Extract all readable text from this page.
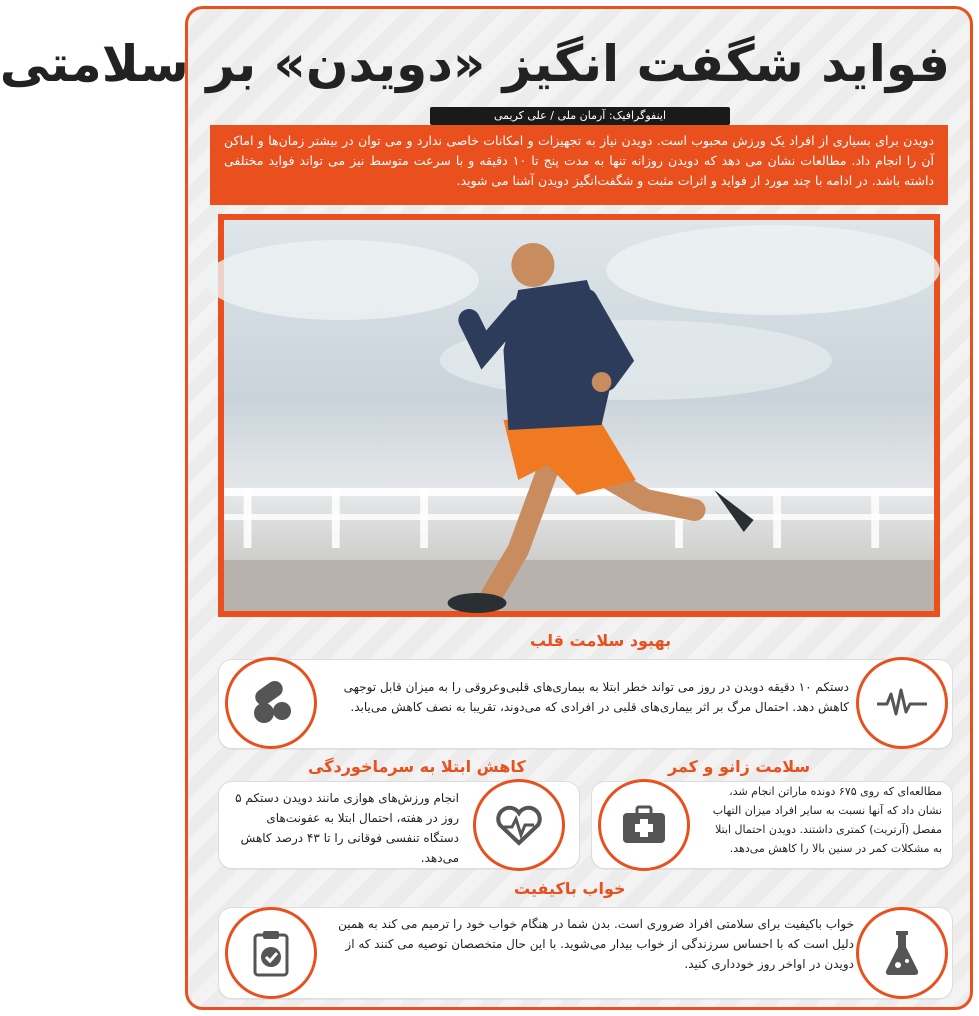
فواید شگفت انگیز «دویدن» بر سلامتی
اینفوگرافیک: آرمان ملی / علی کریمی
دویدن برای بسیاری از افراد یک ورزش محبوب است. دویدن نیاز به تجهیزات و امکانات خاصی ندارد و می توان در بیشتر زمان‌ها و اماکن آن را انجام داد. مطالعات نشان می دهد که دویدن روزانه تنها به مدت پنج تا ۱۰ دقیقه و با سرعت متوسط نیز می تواند فواید مختلفی داشته باشد. در ادامه با چند مورد از فواید و اثرات مثبت و شگفت‌انگیز دویدن آشنا می شوید.
بهبود سلامت قلب
دستکم ۱۰ دقیقه دویدن در روز می تواند خطر ابتلا به بیماری‌های قلبی‌وعروقی را به میزان قابل توجهی کاهش دهد. احتمال مرگ بر اثر بیماری‌های قلبی در افرادی که می‌دوند، تقریبا به نصف کاهش می‌یابد.
کاهش ابتلا به سرماخوردگی	سلامت زانو و کمر
انجام ورزش‌های هوازی مانند دویدن دستکم ۵ روز در هفته، احتمال ابتلا به عفونت‌های دستگاه تنفسی فوقانی را تا ۴۳ درصد کاهش می‌دهد.
مطالعه‌ای که روی ۶۷۵ دونده ماراتن انجام شد، نشان داد که آنها نسبت به سایر افراد میزان التهاب مفصل (آرتریت) کمتری داشتند. دویدن احتمال ابتلا به مشکلات کمر در سنین بالا را کاهش می‌دهد.
خواب باکیفیت
خواب باکیفیت برای سلامتی افراد ضروری است. بدن شما در هنگام خواب خود را ترمیم می کند به همین دلیل است که با احساس سرزندگی از خواب بیدار می‌شوید. با این حال متخصصان توصیه می کنند که از دویدن در اواخر روز خودداری کنید.
